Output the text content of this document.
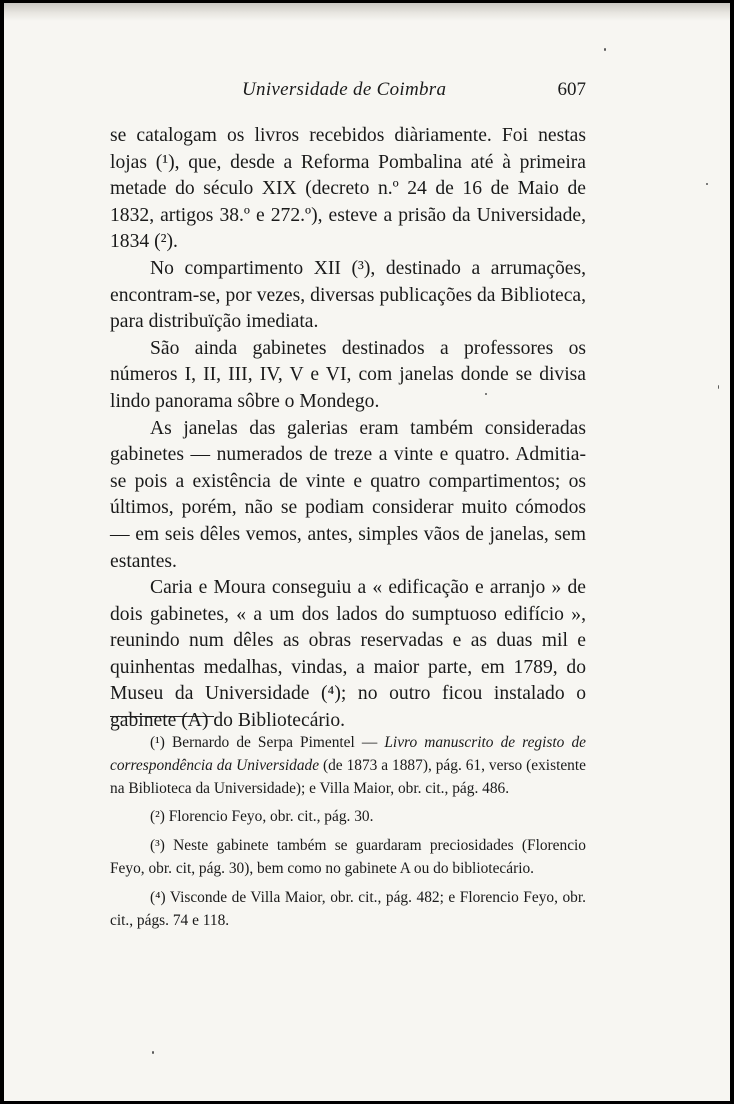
Universidade de Coimbra	607

se catalogam os livros recebidos diàriamente. Foi nestas lojas (¹), que, desde a Reforma Pombalina até à primeira metade do século XIX (decreto n.º 24 de 16 de Maio de 1832, artigos 38.º e 272.º), esteve a prisão da Universidade, 1834 (²).

No compartimento XII (³), destinado a arrumações, encontram-se, por vezes, diversas publicações da Biblioteca, para distribuïção imediata.

São ainda gabinetes destinados a professores os números I, II, III, IV, V e VI, com janelas donde se divisa lindo panorama sôbre o Mondego.

As janelas das galerias eram também consideradas gabinetes — numerados de treze a vinte e quatro. Admitia-se pois a existência de vinte e quatro compartimentos; os últimos, porém, não se podiam considerar muito cómodos — em seis dêles vemos, antes, simples vãos de janelas, sem estantes.

Caria e Moura conseguiu a « edificação e arranjo » de dois gabinetes, « a um dos lados do sumptuoso edifício », reunindo num dêles as obras reservadas e as duas mil e quinhentas medalhas, vindas, a maior parte, em 1789, do Museu da Universidade (⁴); no outro ficou instalado o gabinete (A) do Bibliotecário.

(¹) Bernardo de Serpa Pimentel — Livro manuscrito de registo de correspondência da Universidade (de 1873 a 1887), pág. 61, verso (existente na Biblioteca da Universidade); e Villa Maior, obr. cit., pág. 486.

(²) Florencio Feyo, obr. cit., pág. 30.

(³) Neste gabinete também se guardaram preciosidades (Florencio Feyo, obr. cit, pág. 30), bem como no gabinete A ou do bibliotecário.

(⁴) Visconde de Villa Maior, obr. cit., pág. 482; e Florencio Feyo, obr. cit., págs. 74 e 118.
